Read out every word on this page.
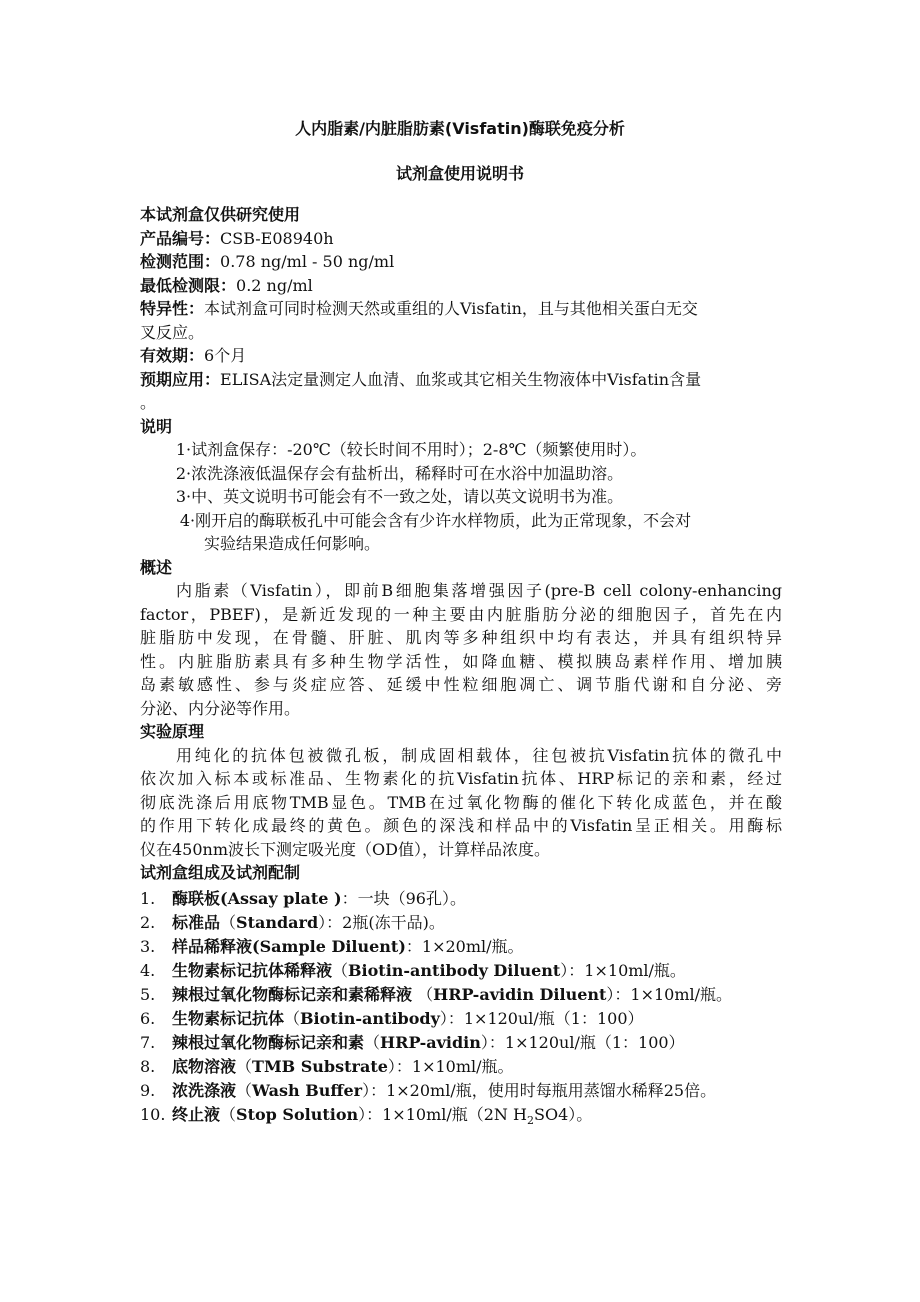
人内脂素/内脏脂肪素(Visfatin)酶联免疫分析
试剂盒使用说明书
本试剂盒仅供研究使用
产品编号：CSB-E08940h
检测范围：0.78 ng/ml - 50 ng/ml
最低检测限：0.2 ng/ml
特异性：本试剂盒可同时检测天然或重组的人Visfatin，且与其他相关蛋白无交
叉反应。
有效期：6个月
预期应用：ELISA法定量测定人血清、血浆或其它相关生物液体中Visfatin含量
。
说明
1·试剂盒保存：-20℃（较长时间不用时）；2-8℃（频繁使用时）。
2·浓洗涤液低温保存会有盐析出，稀释时可在水浴中加温助溶。
3·中、英文说明书可能会有不一致之处，请以英文说明书为准。
4·刚开启的酶联板孔中可能会含有少许水样物质，此为正常现象，不会对
实验结果造成任何影响。
概述
内脂素（Visfatin），即前B细胞集落增强因子(pre-B cell colony-enhancing
factor，PBEF)，是新近发现的一种主要由内脏脂肪分泌的细胞因子，首先在内
脏脂肪中发现，在骨髓、肝脏、肌肉等多种组织中均有表达，并具有组织特异
性。内脏脂肪素具有多种生物学活性，如降血糖、模拟胰岛素样作用、增加胰
岛素敏感性、参与炎症应答、延缓中性粒细胞凋亡、调节脂代谢和自分泌、旁
分泌、内分泌等作用。
实验原理
用纯化的抗体包被微孔板，制成固相载体，往包被抗Visfatin抗体的微孔中
依次加入标本或标准品、生物素化的抗Visfatin抗体、HRP标记的亲和素，经过
彻底洗涤后用底物TMB显色。TMB在过氧化物酶的催化下转化成蓝色，并在酸
的作用下转化成最终的黄色。颜色的深浅和样品中的Visfatin呈正相关。用酶标
仪在450nm波长下测定吸光度（OD值），计算样品浓度。
试剂盒组成及试剂配制
1. 酶联板(Assay plate )：一块（96孔）。
2. 标准品（Standard）：2瓶(冻干品)。
3. 样品稀释液(Sample Diluent)：1×20ml/瓶。
4. 生物素标记抗体稀释液（Biotin-antibody Diluent）：1×10ml/瓶。
5. 辣根过氧化物酶标记亲和素稀释液 （HRP-avidin Diluent）：1×10ml/瓶。
6. 生物素标记抗体（Biotin-antibody）：1×120ul/瓶（1：100）
7. 辣根过氧化物酶标记亲和素（HRP-avidin）：1×120ul/瓶（1：100）
8. 底物溶液（TMB Substrate）：1×10ml/瓶。
9. 浓洗涤液（Wash Buffer）：1×20ml/瓶，使用时每瓶用蒸馏水稀释25倍。
10. 终止液（Stop Solution）：1×10ml/瓶（2N $H_2SO4$）。
